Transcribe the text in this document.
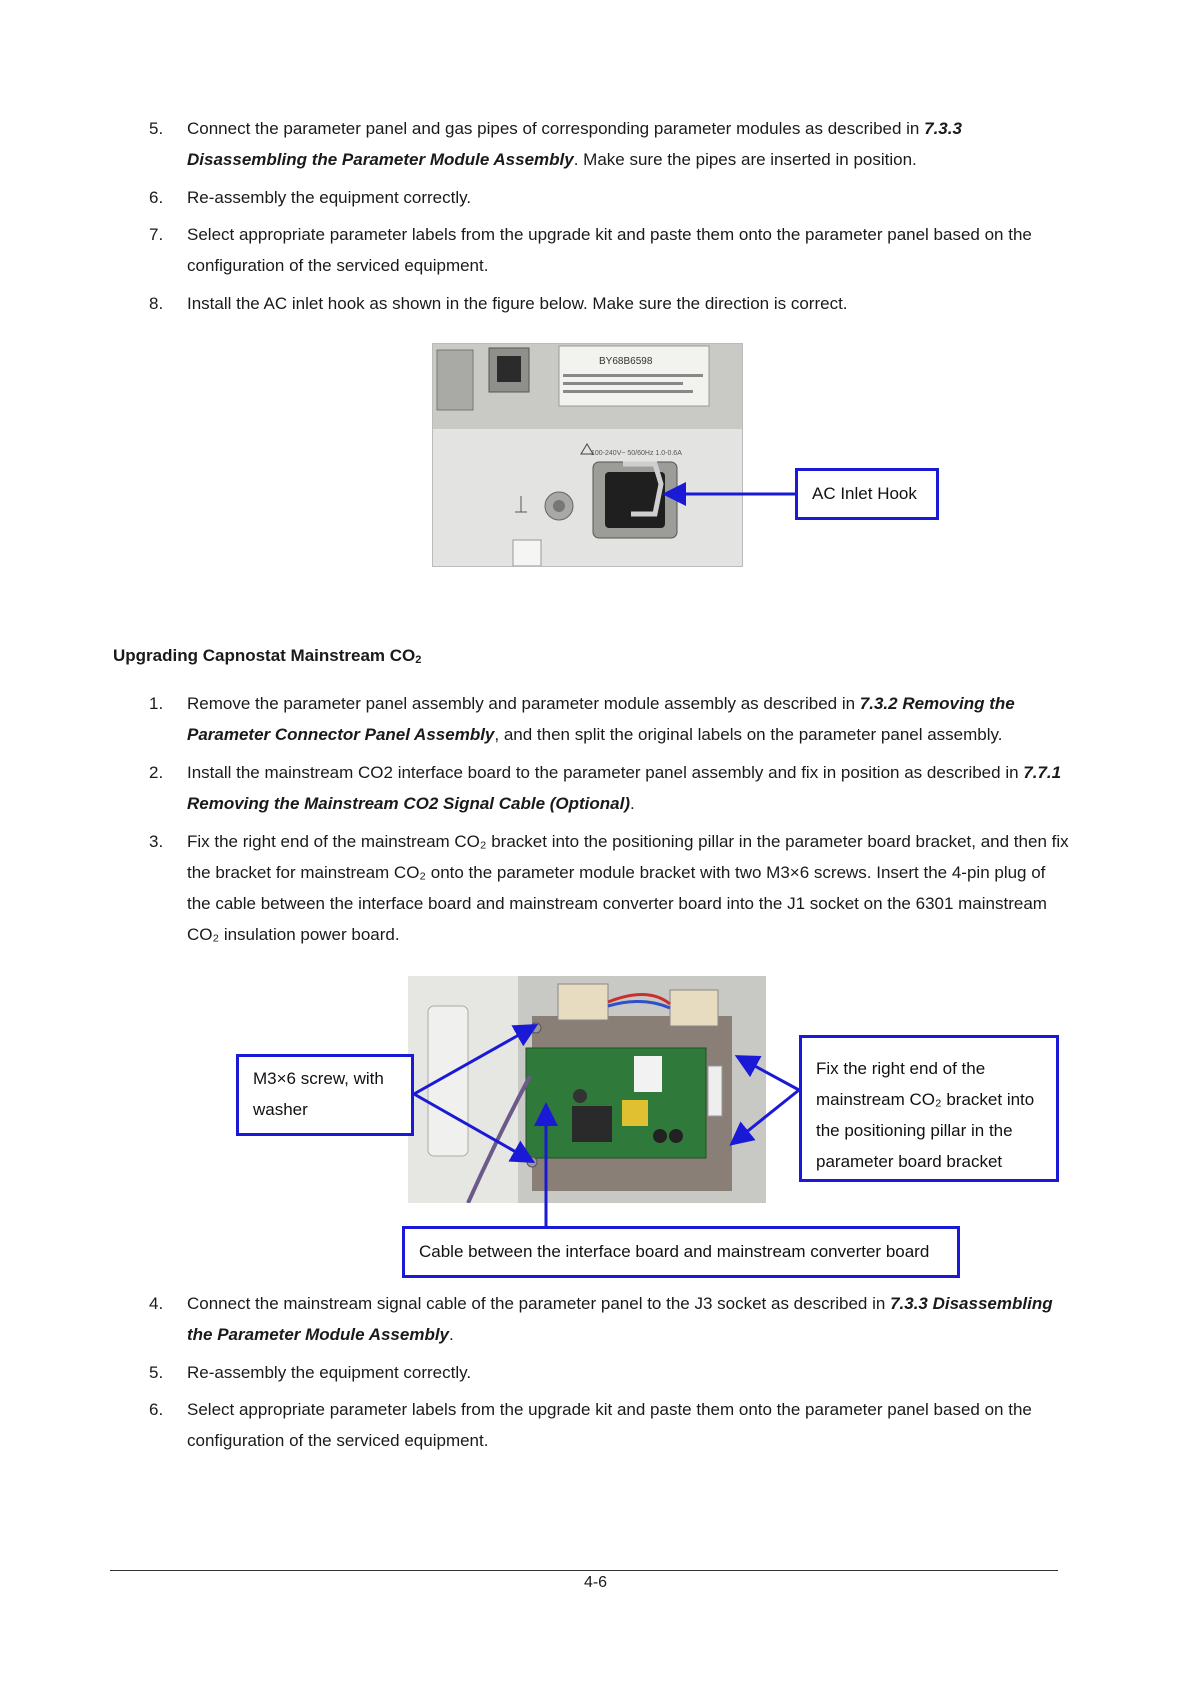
5.	Connect the parameter panel and gas pipes of corresponding parameter modules as described in 7.3.3 Disassembling the Parameter Module Assembly. Make sure the pipes are inserted in position.
6.	Re-assembly the equipment correctly.
7.	Select appropriate parameter labels from the upgrade kit and paste them onto the parameter panel based on the configuration of the serviced equipment.
8.	Install the AC inlet hook as shown in the figure below. Make sure the direction is correct.
BY68B6598
100-240V~ 50/60Hz 1.0-0.6A
AC Inlet Hook
Upgrading Capnostat Mainstream $CO_2$
1.	Remove the parameter panel assembly and parameter module assembly as described in 7.3.2 Removing the Parameter Connector Panel Assembly, and then split the original labels on the parameter panel assembly.
2.	Install the mainstream CO2 interface board to the parameter panel assembly and fix in position as described in 7.7.1 Removing the Mainstream CO2 Signal Cable (Optional).
3.	Fix the right end of the mainstream CO₂ bracket into the positioning pillar in the parameter board bracket, and then fix the bracket for mainstream CO₂ onto the parameter module bracket with two M3×6 screws. Insert the 4-pin plug of the cable between the interface board and mainstream converter board into the J1 socket on the 6301 mainstream CO₂ insulation power board.
M3×6 screw, with washer
Fix the right end of the mainstream CO₂ bracket into the positioning pillar in the parameter board bracket
Cable between the interface board and mainstream converter board
4.	Connect the mainstream signal cable of the parameter panel to the J3 socket as described in 7.3.3 Disassembling the Parameter Module Assembly.
5.	Re-assembly the equipment correctly.
6.	Select appropriate parameter labels from the upgrade kit and paste them onto the parameter panel based on the configuration of the serviced equipment.
4-6
